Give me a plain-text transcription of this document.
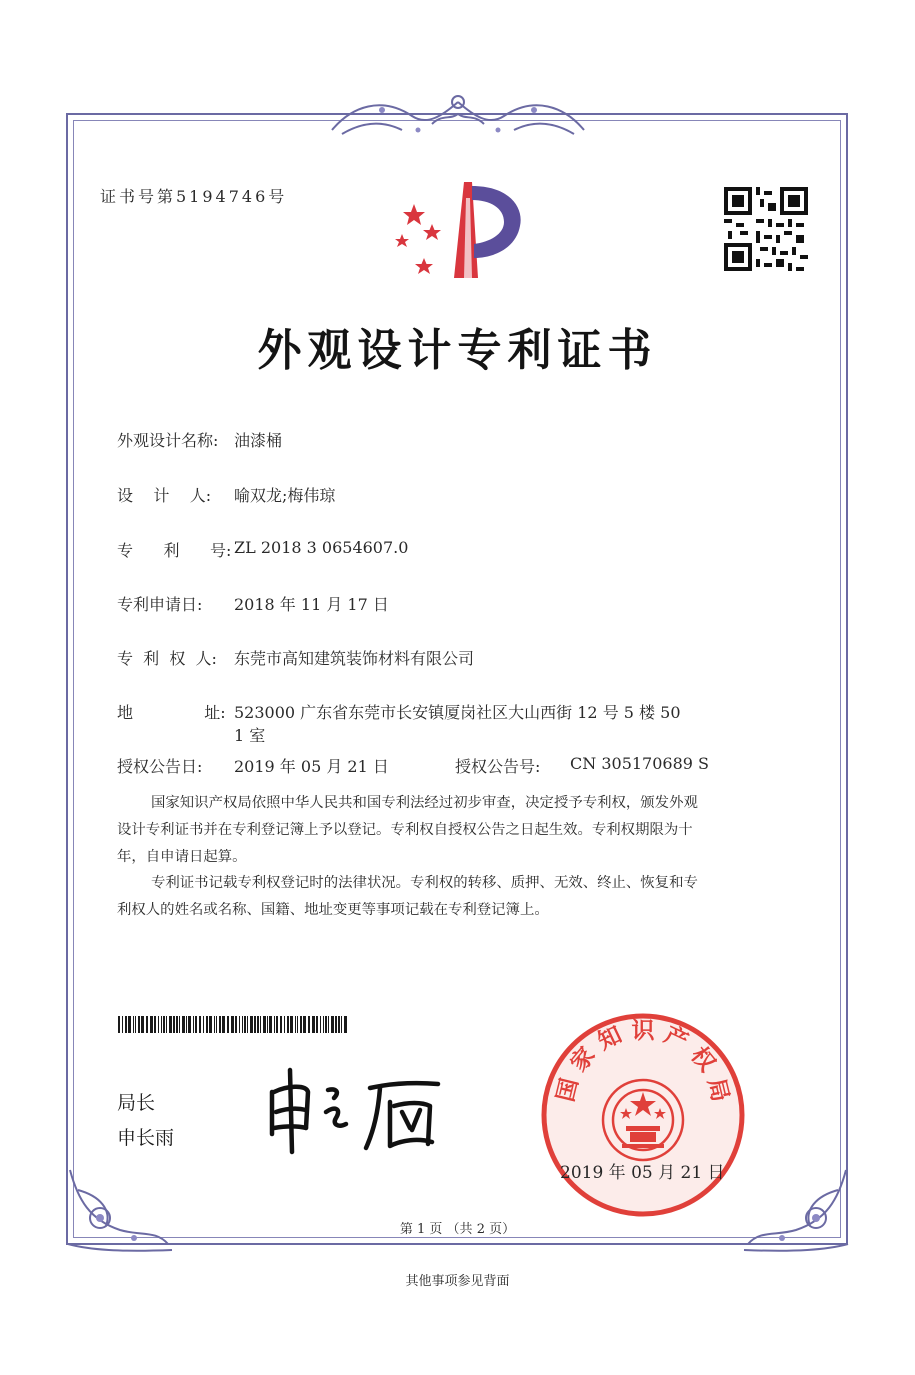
证书号第5194746号
外观设计专利证书
外观设计名称: 油漆桶
设    计    人: 喻双龙;梅伟琼
专      利      号: ZL 2018 3 0654607.0
专利申请日: 2018 年 11 月 17 日
专  利  权  人: 东莞市高知建筑装饰材料有限公司
地              址: 523000 广东省东莞市长安镇厦岗社区大山西街 12 号 5 楼 50
1 室
授权公告日: 2019 年 05 月 21 日	授权公告号: CN 305170689 S
国家知识产权局依照中华人民共和国专利法经过初步审查，决定授予专利权，颁发外观
设计专利证书并在专利登记簿上予以登记。专利权自授权公告之日起生效。专利权期限为十
年，自申请日起算。
专利证书记载专利权登记时的法律状况。专利权的转移、质押、无效、终止、恢复和专
利权人的姓名或名称、国籍、地址变更等事项记载在专利登记簿上。
局长
申长雨
国 家 知 识 产 权 局
2019 年 05 月 21 日
第 1 页 （共 2 页）
其他事项参见背面
